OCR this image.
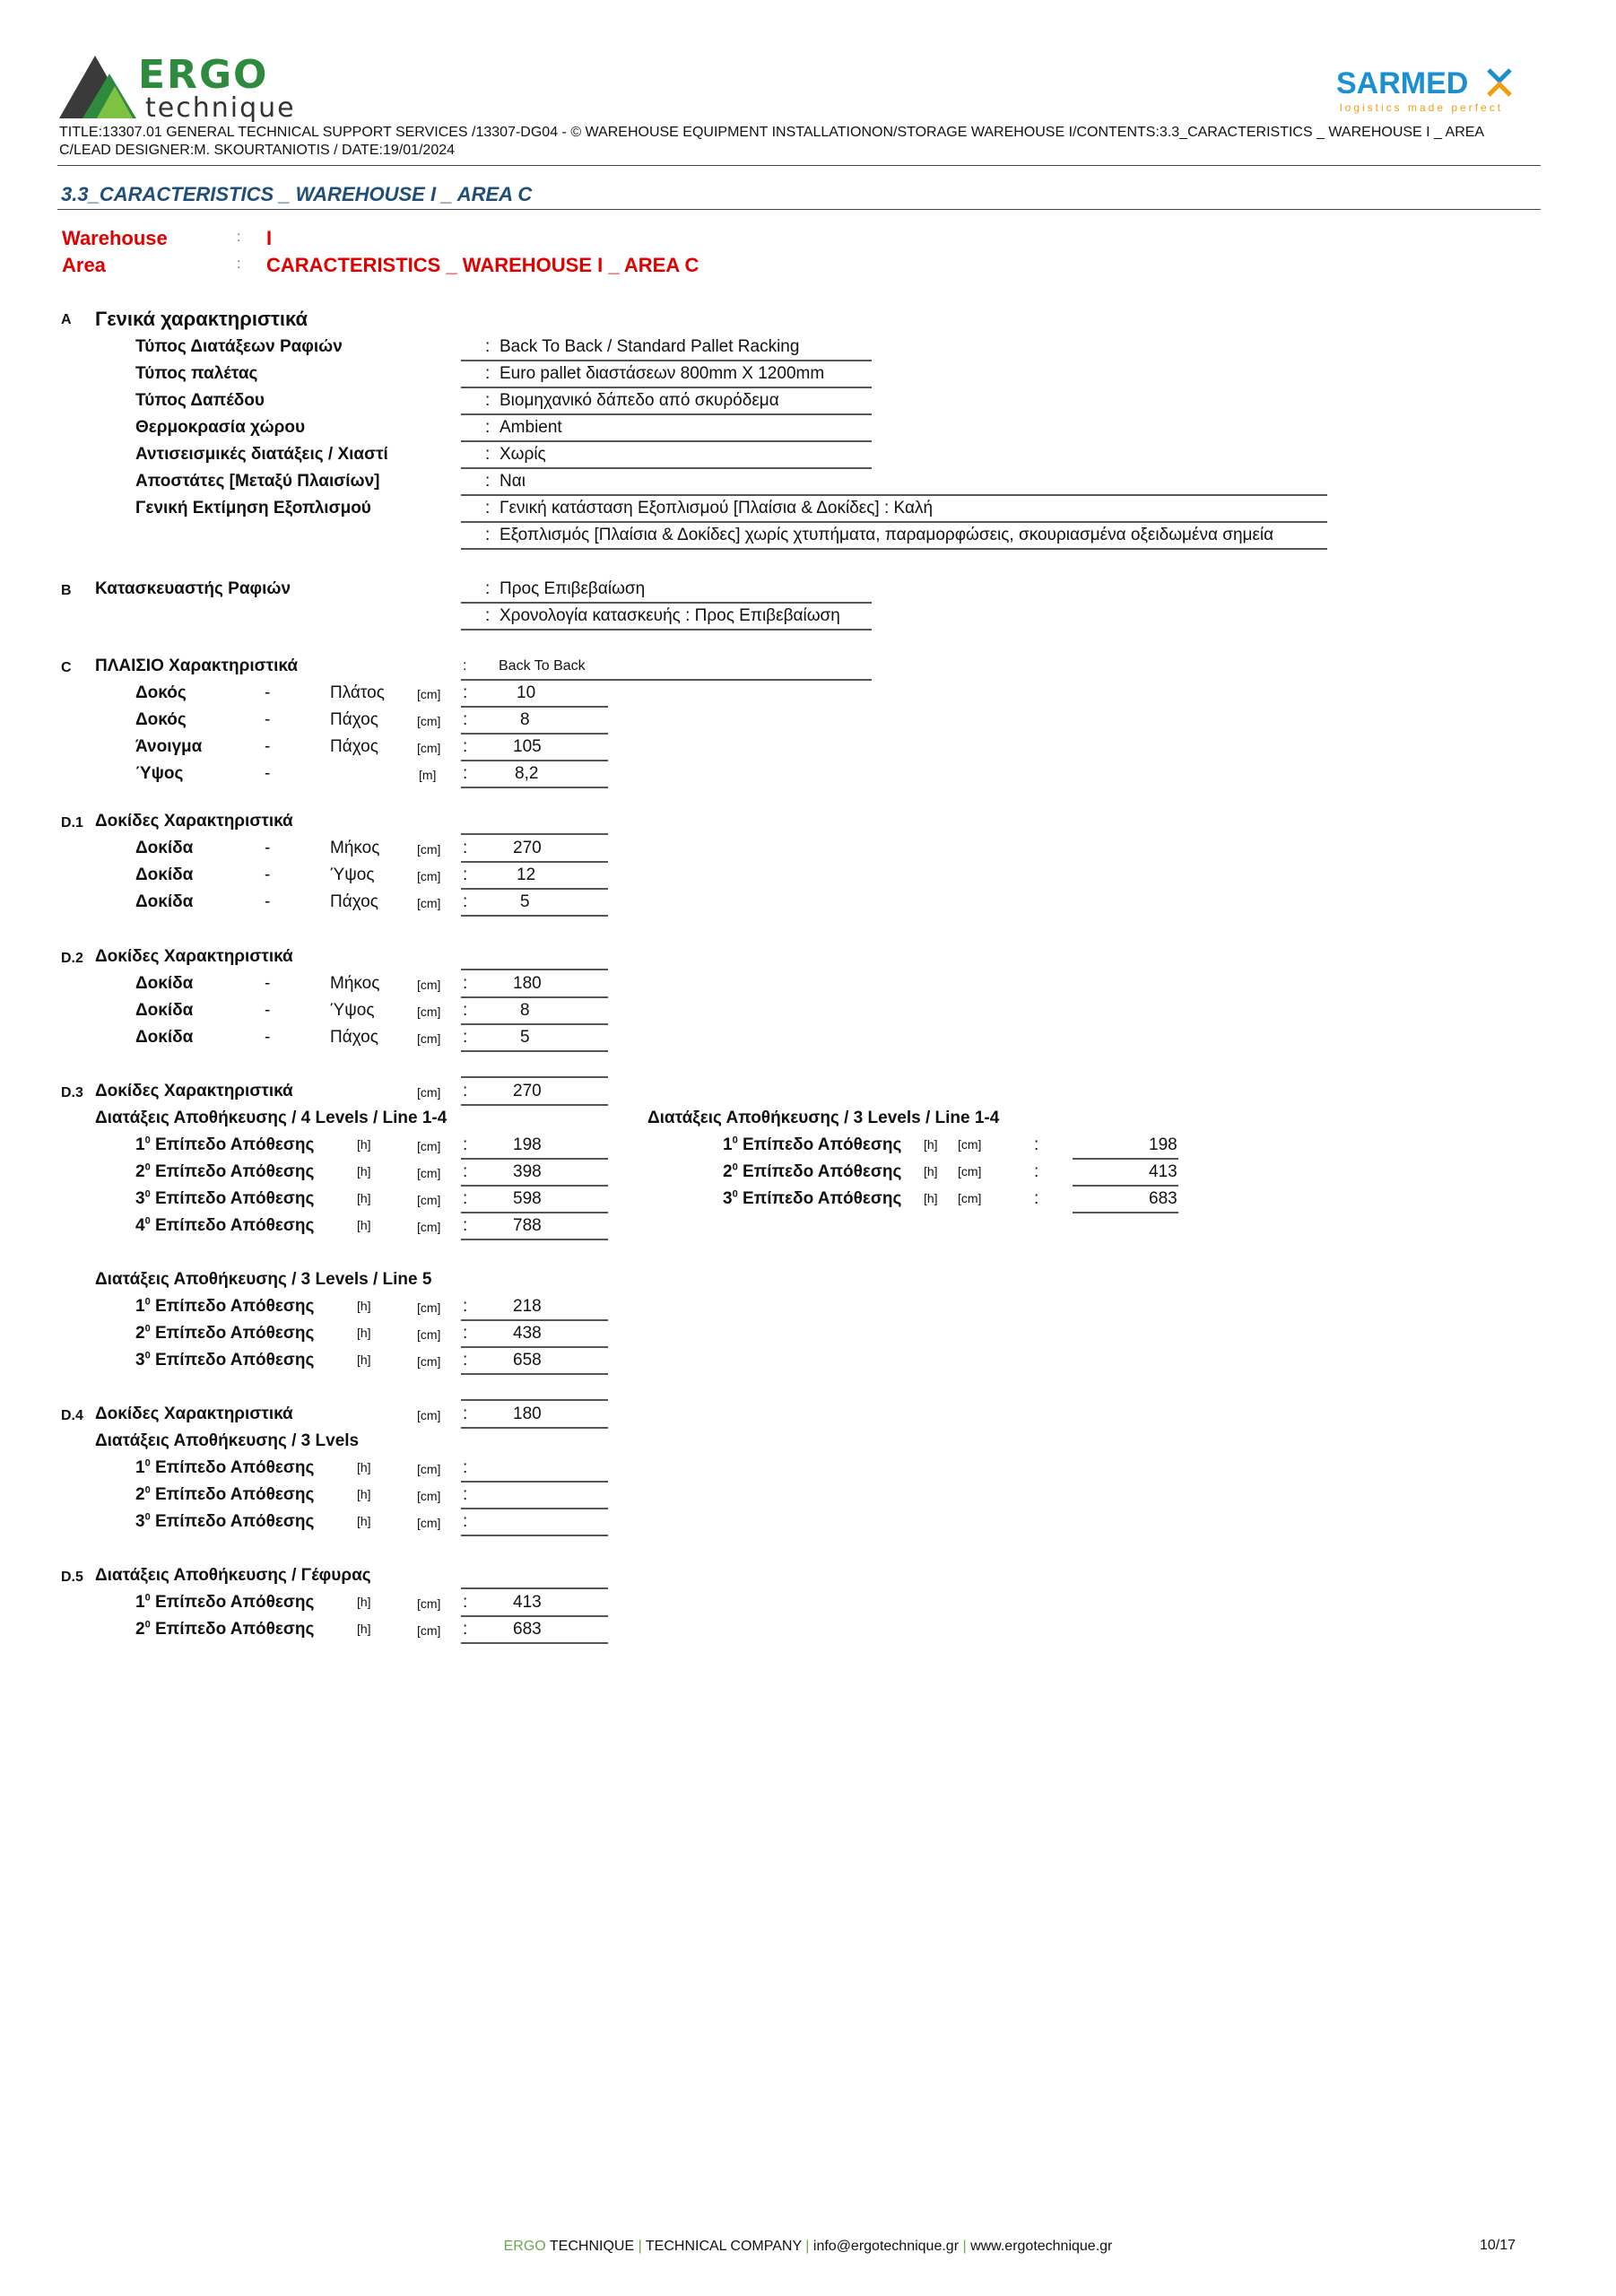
ERGO
technique
SARMED
logistics made perfect
TITLE:13307.01 GENERAL TECHNICAL SUPPORT SERVICES /13307-DG04 - © WAREHOUSE EQUIPMENT INSTALLATIONON/STORAGE WAREHOUSE I/CONTENTS:3.3_CARACTERISTICS _ WAREHOUSE I _ AREA C/LEAD DESIGNER:M. SKOURTANIOTIS / DATE:19/01/2024
3.3_CARACTERISTICS _ WAREHOUSE I _ AREA C
Warehouse	: I
Area	: CARACTERISTICS _ WAREHOUSE I _ AREA C
A Γενικά χαρακτηριστικά
Τύπος Διατάξεων Ραφιών	: Back To Back / Standard Pallet Racking
Τύπος παλέτας	: Euro pallet διαστάσεων 800mm X 1200mm
Τύπος Δαπέδου	: Βιομηχανικό δάπεδο από σκυρόδεμα
Θερμοκρασία χώρου	: Ambient
Αντισεισμικές διατάξεις / Χιαστί	: Χωρίς
Αποστάτες [Μεταξύ Πλαισίων]	: Ναι
Γενική Εκτίμηση Εξοπλισμού	: Γενική κατάσταση Εξοπλισμού [Πλαίσια & Δοκίδες] : Καλή
: Εξοπλισμός [Πλαίσια & Δοκίδες] χωρίς χτυπήματα, παραμορφώσεις, σκουριασμένα οξειδωμένα σημεία
B Κατασκευαστής Ραφιών	: Προς Επιβεβαίωση
: Χρονολογία κατασκευής : Προς Επιβεβαίωση
C ΠΛΑΙΣΙΟ Χαρακτηριστικά	: Back To Back
Δοκός	-	Πλάτος	[cm] :	10
Δοκός	-	Πάχος	[cm] :	8
Άνοιγμα	-	Πάχος	[cm] :	105
Ύψος	-	[m] :	8,2
D.1 Δοκίδες Χαρακτηριστικά
Δοκίδα	-	Μήκος	[cm] :	270
Δοκίδα	-	Ύψος	[cm] :	12
Δοκίδα	-	Πάχος	[cm] :	5
D.2 Δοκίδες Χαρακτηριστικά
Δοκίδα	-	Μήκος	[cm] :	180
Δοκίδα	-	Ύψος	[cm] :	8
Δοκίδα	-	Πάχος	[cm] :	5
D.3 Δοκίδες Χαρακτηριστικά	[cm] :	270
Διατάξεις Αποθήκευσης / 4 Levels / Line 1-4	Διατάξεις Αποθήκευσης / 3 Levels / Line 1-4
$1^0$ Επίπεδο Απόθεσης	[h]	[cm] :	198
$2^0$ Επίπεδο Απόθεσης	[h]	[cm] :	398
$3^0$ Επίπεδο Απόθεσης	[h]	[cm] :	598
$4^0$ Επίπεδο Απόθεσης	[h]	[cm] :	788
$1^0$ Επίπεδο Απόθεσης [h] [cm]	:	198
$2^0$ Επίπεδο Απόθεσης [h] [cm]	:	413
$3^0$ Επίπεδο Απόθεσης [h] [cm]	:	683
Διατάξεις Αποθήκευσης / 3 Levels / Line 5
$1^0$ Επίπεδο Απόθεσης	[h]	[cm] :	218
$2^0$ Επίπεδο Απόθεσης	[h]	[cm] :	438
$3^0$ Επίπεδο Απόθεσης	[h]	[cm] :	658
D.4 Δοκίδες Χαρακτηριστικά	[cm] :	180
Διατάξεις Αποθήκευσης / 3 Lvels
$1^0$ Επίπεδο Απόθεσης	[h]	[cm] :
$2^0$ Επίπεδο Απόθεσης	[h]	[cm] :
$3^0$ Επίπεδο Απόθεσης	[h]	[cm] :
D.5 Διατάξεις Αποθήκευσης / Γέφυρας
$1^0$ Επίπεδο Απόθεσης	[h]	[cm] :	413
$2^0$ Επίπεδο Απόθεσης	[h]	[cm] :	683
ERGO TECHNIQUE | TECHNICAL COMPANY | info@ergotechnique.gr | www.ergotechnique.gr	10/17
